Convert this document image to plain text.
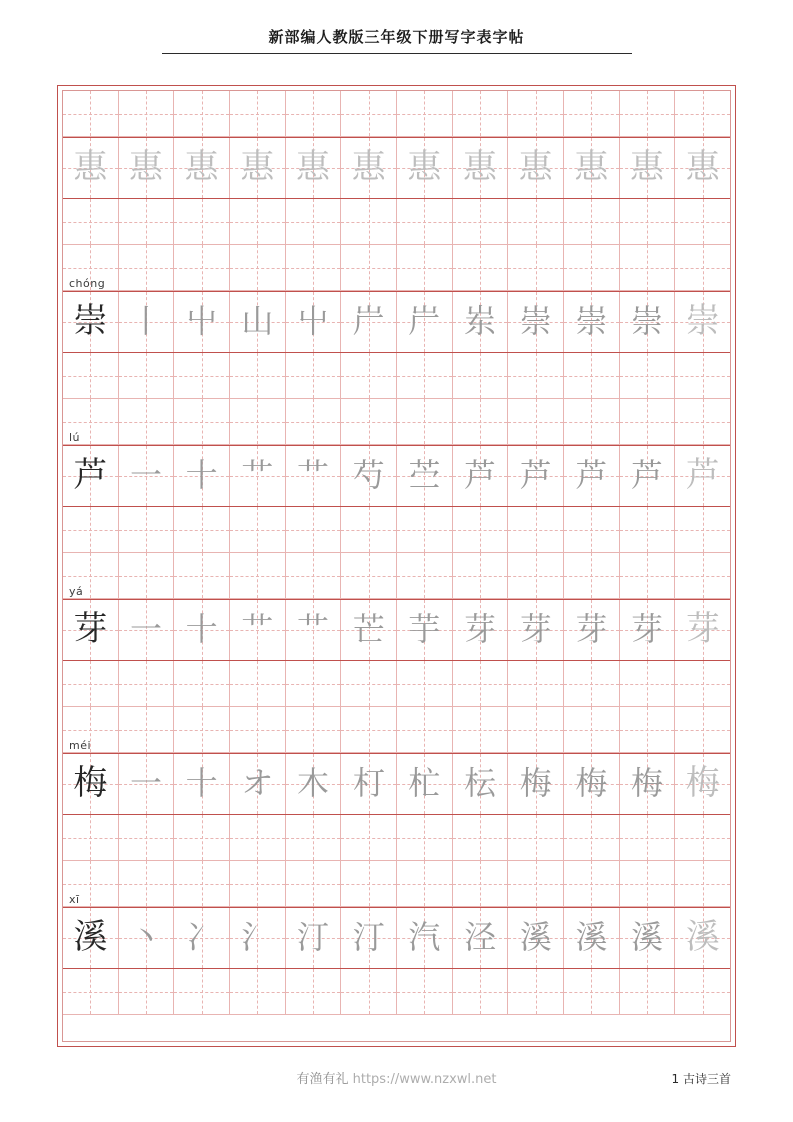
新部编人教版三年级下册写字表字帖
惠 惠 惠 惠 惠 惠 惠 惠 惠 惠 惠 惠
chóng
崇 丨 屮 山 屮 屵 屵 岽 崇 崇 崇 崇
lú
芦 一 十 艹 艹 芍 苎 芦 芦 芦 芦 芦
yá
芽 一 十 艹 艹 芒 芋 芽 芽 芽 芽 芽
méi
梅 一 十 オ 木 朾 杧 枟 梅 梅 梅 梅
xī
溪 丶 冫 氵 汀 汀 汽 泾 溪 溪 溪 溪
有渔有礼 https://www.nzxwl.net	1 古诗三首
